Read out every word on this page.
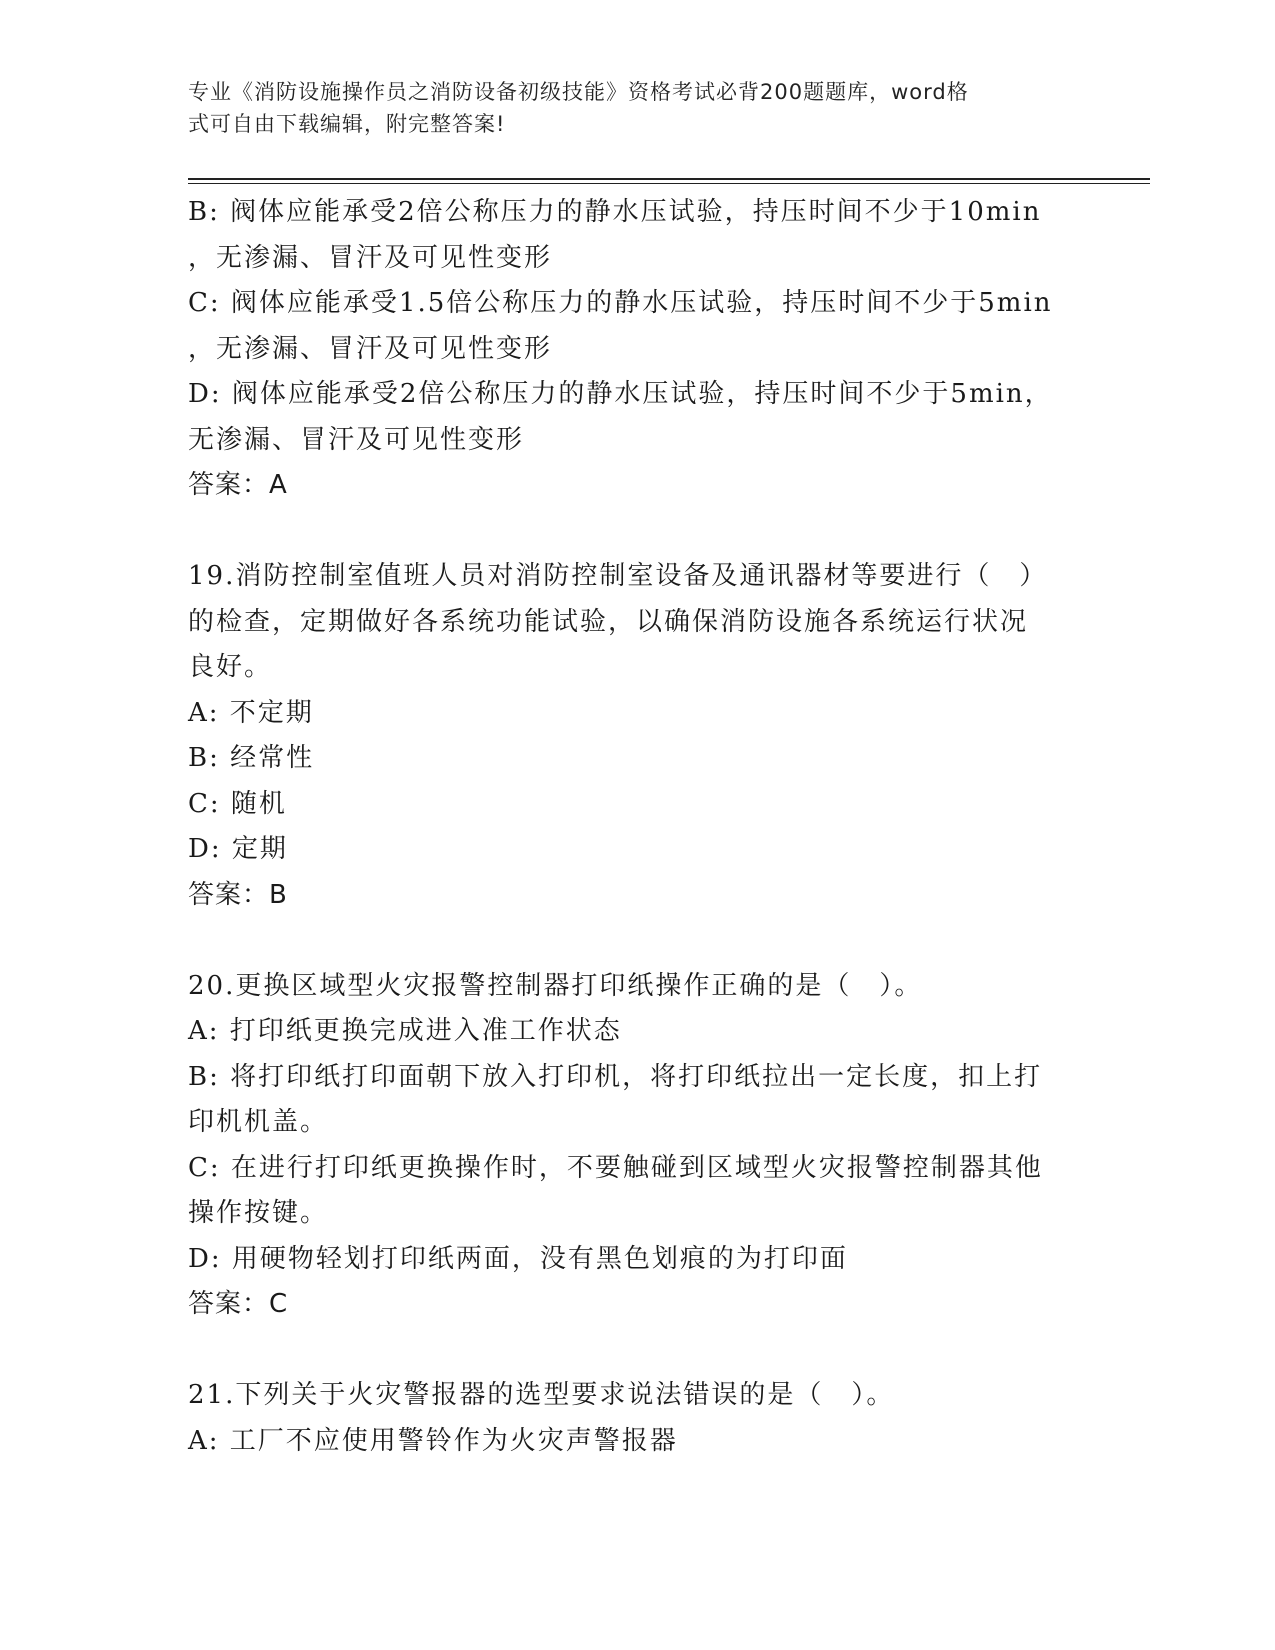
专业《消防设施操作员之消防设备初级技能》资格考试必背200题题库，word格
式可自由下载编辑，附完整答案!
B: 阀体应能承受2倍公称压力的静水压试验，持压时间不少于10min
，无渗漏、冒汗及可见性变形
C: 阀体应能承受1.5倍公称压力的静水压试验，持压时间不少于5min
，无渗漏、冒汗及可见性变形
D: 阀体应能承受2倍公称压力的静水压试验，持压时间不少于5min，
无渗漏、冒汗及可见性变形
答案：A
19.消防控制室值班人员对消防控制室设备及通讯器材等要进行（　）
的检查，定期做好各系统功能试验，以确保消防设施各系统运行状况
良好。
A: 不定期
B: 经常性
C: 随机
D: 定期
答案：B
20.更换区域型火灾报警控制器打印纸操作正确的是（　）。
A: 打印纸更换完成进入准工作状态
B: 将打印纸打印面朝下放入打印机，将打印纸拉出一定长度，扣上打
印机机盖。
C: 在进行打印纸更换操作时，不要触碰到区域型火灾报警控制器其他
操作按键。
D: 用硬物轻划打印纸两面，没有黑色划痕的为打印面
答案：C
21.下列关于火灾警报器的选型要求说法错误的是（　）。
A: 工厂不应使用警铃作为火灾声警报器
